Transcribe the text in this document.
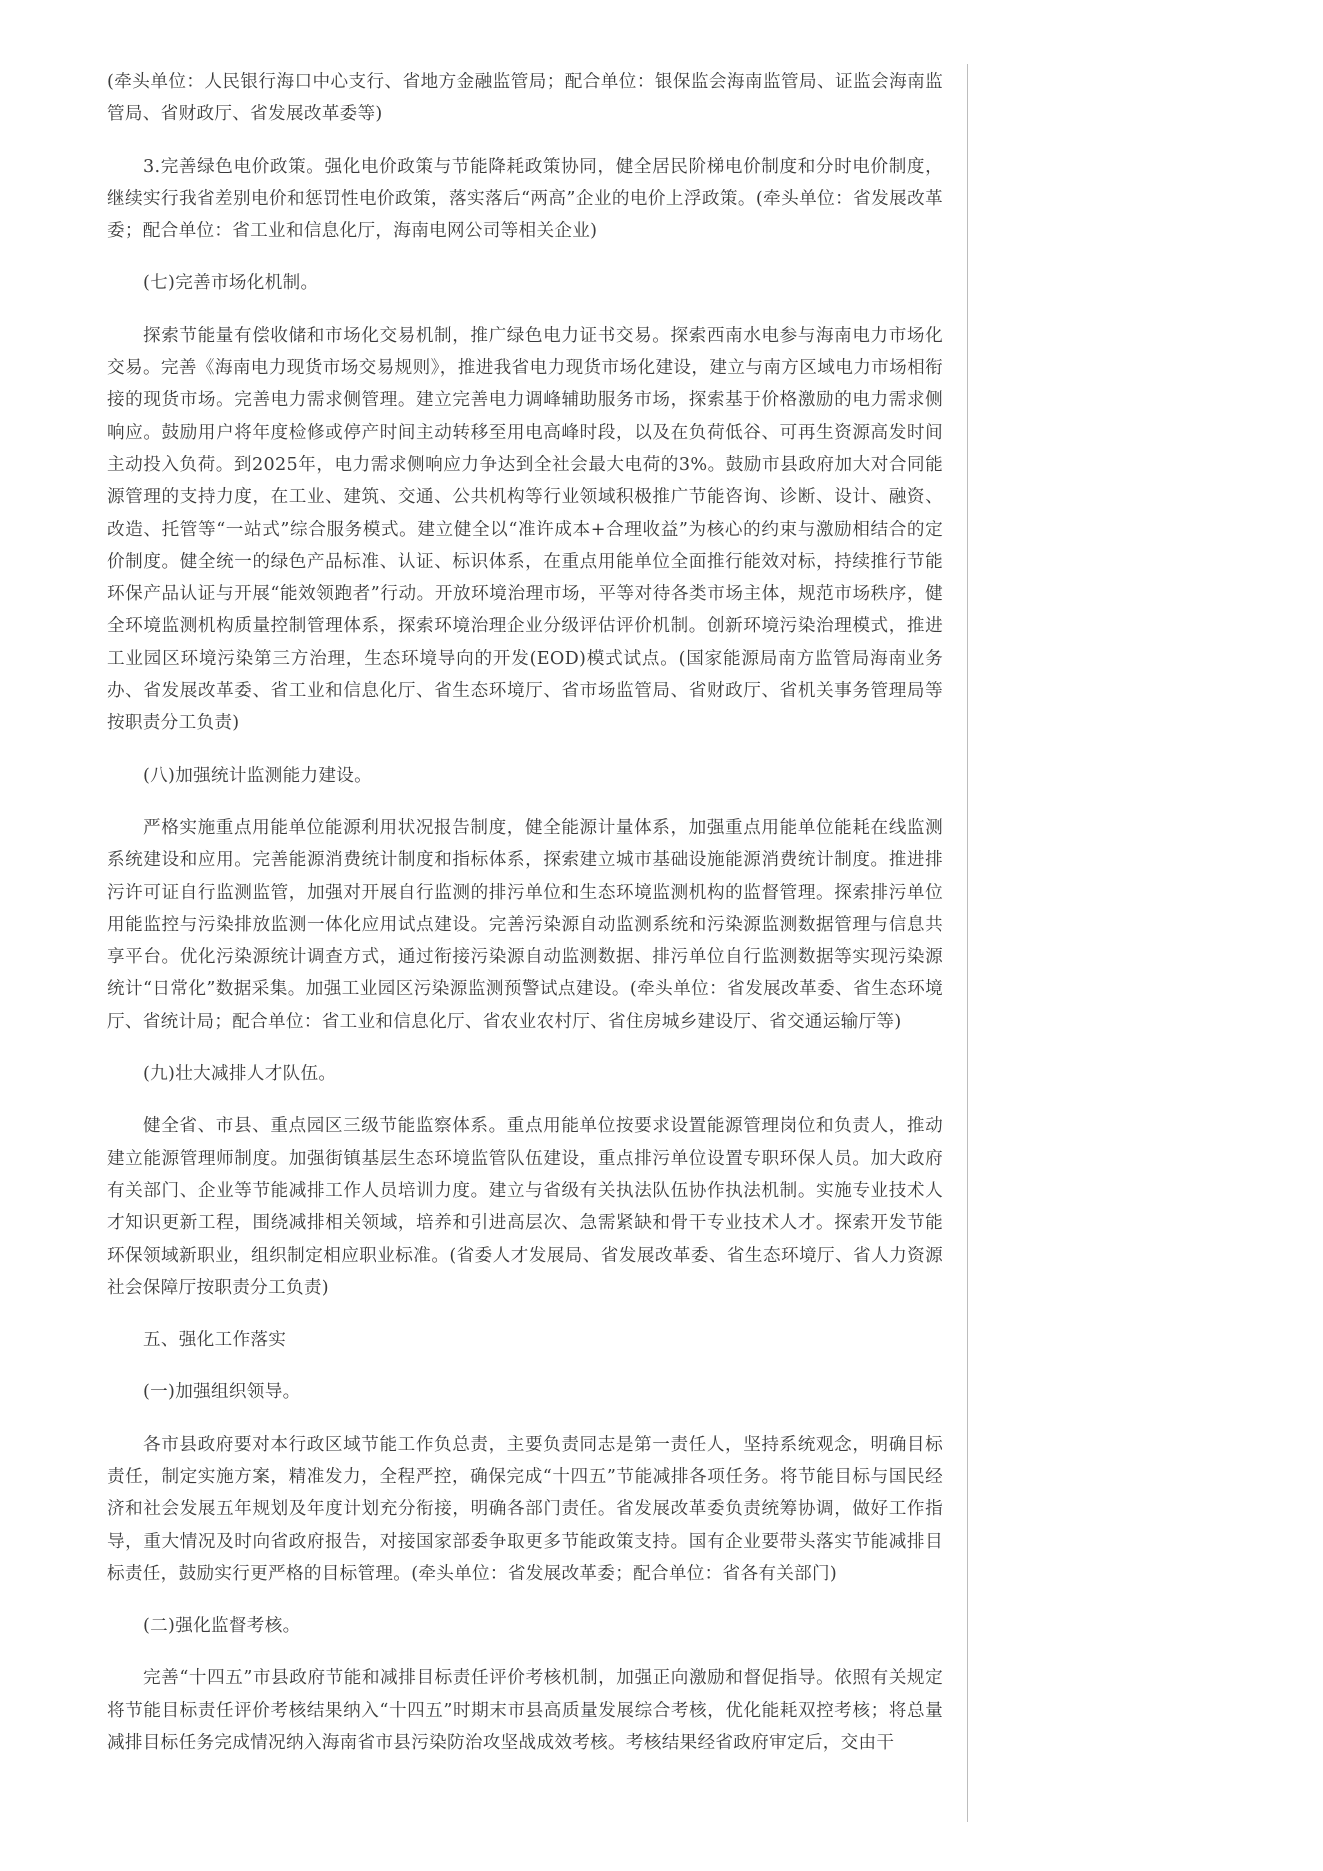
(牵头单位：人民银行海口中心支行、省地方金融监管局；配合单位：银保监会海南监管局、证监会海南监管局、省财政厅、省发展改革委等)

3.完善绿色电价政策。强化电价政策与节能降耗政策协同，健全居民阶梯电价制度和分时电价制度，继续实行我省差别电价和惩罚性电价政策，落实落后“两高”企业的电价上浮政策。(牵头单位：省发展改革委；配合单位：省工业和信息化厅，海南电网公司等相关企业)

(七)完善市场化机制。

探索节能量有偿收储和市场化交易机制，推广绿色电力证书交易。探索西南水电参与海南电力市场化交易。完善《海南电力现货市场交易规则》，推进我省电力现货市场化建设，建立与南方区域电力市场相衔接的现货市场。完善电力需求侧管理。建立完善电力调峰辅助服务市场，探索基于价格激励的电力需求侧响应。鼓励用户将年度检修或停产时间主动转移至用电高峰时段，以及在负荷低谷、可再生资源高发时间主动投入负荷。到2025年，电力需求侧响应力争达到全社会最大电荷的3%。鼓励市县政府加大对合同能源管理的支持力度，在工业、建筑、交通、公共机构等行业领域积极推广节能咨询、诊断、设计、融资、改造、托管等“一站式”综合服务模式。建立健全以“准许成本+合理收益”为核心的约束与激励相结合的定价制度。健全统一的绿色产品标准、认证、标识体系，在重点用能单位全面推行能效对标，持续推行节能环保产品认证与开展“能效领跑者”行动。开放环境治理市场，平等对待各类市场主体，规范市场秩序，健全环境监测机构质量控制管理体系，探索环境治理企业分级评估评价机制。创新环境污染治理模式，推进工业园区环境污染第三方治理，生态环境导向的开发(EOD)模式试点。(国家能源局南方监管局海南业务办、省发展改革委、省工业和信息化厅、省生态环境厅、省市场监管局、省财政厅、省机关事务管理局等按职责分工负责)

(八)加强统计监测能力建设。

严格实施重点用能单位能源利用状况报告制度，健全能源计量体系，加强重点用能单位能耗在线监测系统建设和应用。完善能源消费统计制度和指标体系，探索建立城市基础设施能源消费统计制度。推进排污许可证自行监测监管，加强对开展自行监测的排污单位和生态环境监测机构的监督管理。探索排污单位用能监控与污染排放监测一体化应用试点建设。完善污染源自动监测系统和污染源监测数据管理与信息共享平台。优化污染源统计调查方式，通过衔接污染源自动监测数据、排污单位自行监测数据等实现污染源统计“日常化”数据采集。加强工业园区污染源监测预警试点建设。(牵头单位：省发展改革委、省生态环境厅、省统计局；配合单位：省工业和信息化厅、省农业农村厅、省住房城乡建设厅、省交通运输厅等)

(九)壮大减排人才队伍。

健全省、市县、重点园区三级节能监察体系。重点用能单位按要求设置能源管理岗位和负责人，推动建立能源管理师制度。加强街镇基层生态环境监管队伍建设，重点排污单位设置专职环保人员。加大政府有关部门、企业等节能减排工作人员培训力度。建立与省级有关执法队伍协作执法机制。实施专业技术人才知识更新工程，围绕减排相关领域，培养和引进高层次、急需紧缺和骨干专业技术人才。探索开发节能环保领域新职业，组织制定相应职业标准。(省委人才发展局、省发展改革委、省生态环境厅、省人力资源社会保障厅按职责分工负责)

五、强化工作落实

(一)加强组织领导。

各市县政府要对本行政区域节能工作负总责，主要负责同志是第一责任人，坚持系统观念，明确目标责任，制定实施方案，精准发力，全程严控，确保完成“十四五”节能减排各项任务。将节能目标与国民经济和社会发展五年规划及年度计划充分衔接，明确各部门责任。省发展改革委负责统筹协调，做好工作指导，重大情况及时向省政府报告，对接国家部委争取更多节能政策支持。国有企业要带头落实节能减排目标责任，鼓励实行更严格的目标管理。(牵头单位：省发展改革委；配合单位：省各有关部门)

(二)强化监督考核。

完善“十四五”市县政府节能和减排目标责任评价考核机制，加强正向激励和督促指导。依照有关规定将节能目标责任评价考核结果纳入“十四五”时期末市县高质量发展综合考核，优化能耗双控考核；将总量减排目标任务完成情况纳入海南省市县污染防治攻坚战成效考核。考核结果经省政府审定后，交由干
